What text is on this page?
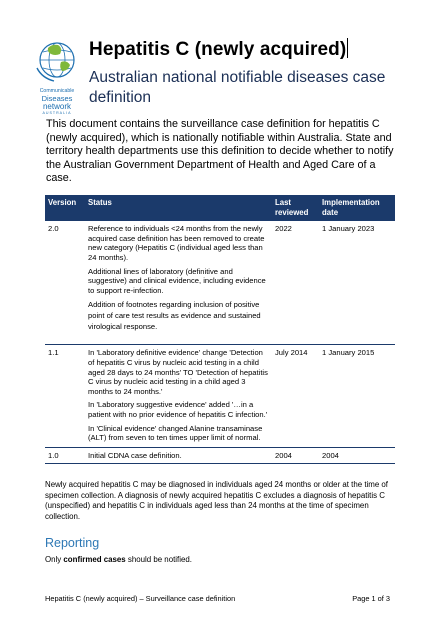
Communicable
Diseases
network
AUSTRALIA
Hepatitis C (newly acquired)
Australian national notifiable diseases case definition
This document contains the surveillance case definition for hepatitis C (newly acquired), which is nationally notifiable within Australia. State and territory health departments use this definition to decide whether to notify the Australian Government Department of Health and Aged Care of a case.
Version	Status	Last reviewed	Implementation date
2.0	Reference to individuals <24 months from the newly acquired case definition has been removed to create new category (Hepatitis C (individual aged less than 24 months).

Additional lines of laboratory (definitive and suggestive) and clinical evidence, including evidence to support re-infection.

Addition of footnotes regarding inclusion of positive point of care test results as evidence and sustained virological response.	2022	1 January 2023
1.1	In 'Laboratory definitive evidence' change 'Detection of hepatitis C virus by nucleic acid testing in a child aged 28 days to 24 months' TO 'Detection of hepatitis C virus by nucleic acid testing in a child aged 3 months to 24 months.'

In 'Laboratory suggestive evidence' added '…in a patient with no prior evidence of hepatitis C infection.'

In 'Clinical evidence' changed Alanine transaminase (ALT) from seven to ten times upper limit of normal.	July 2014	1 January 2015
1.0	Initial CDNA case definition.	2004	2004
Newly acquired hepatitis C may be diagnosed in individuals aged 24 months or older at the time of specimen collection. A diagnosis of newly acquired hepatitis C excludes a diagnosis of hepatitis C (unspecified) and hepatitis C in individuals aged less than 24 months at the time of specimen collection.
Reporting
Only confirmed cases should be notified.
Hepatitis C (newly acquired) – Surveillance case definition	Page 1 of 3
